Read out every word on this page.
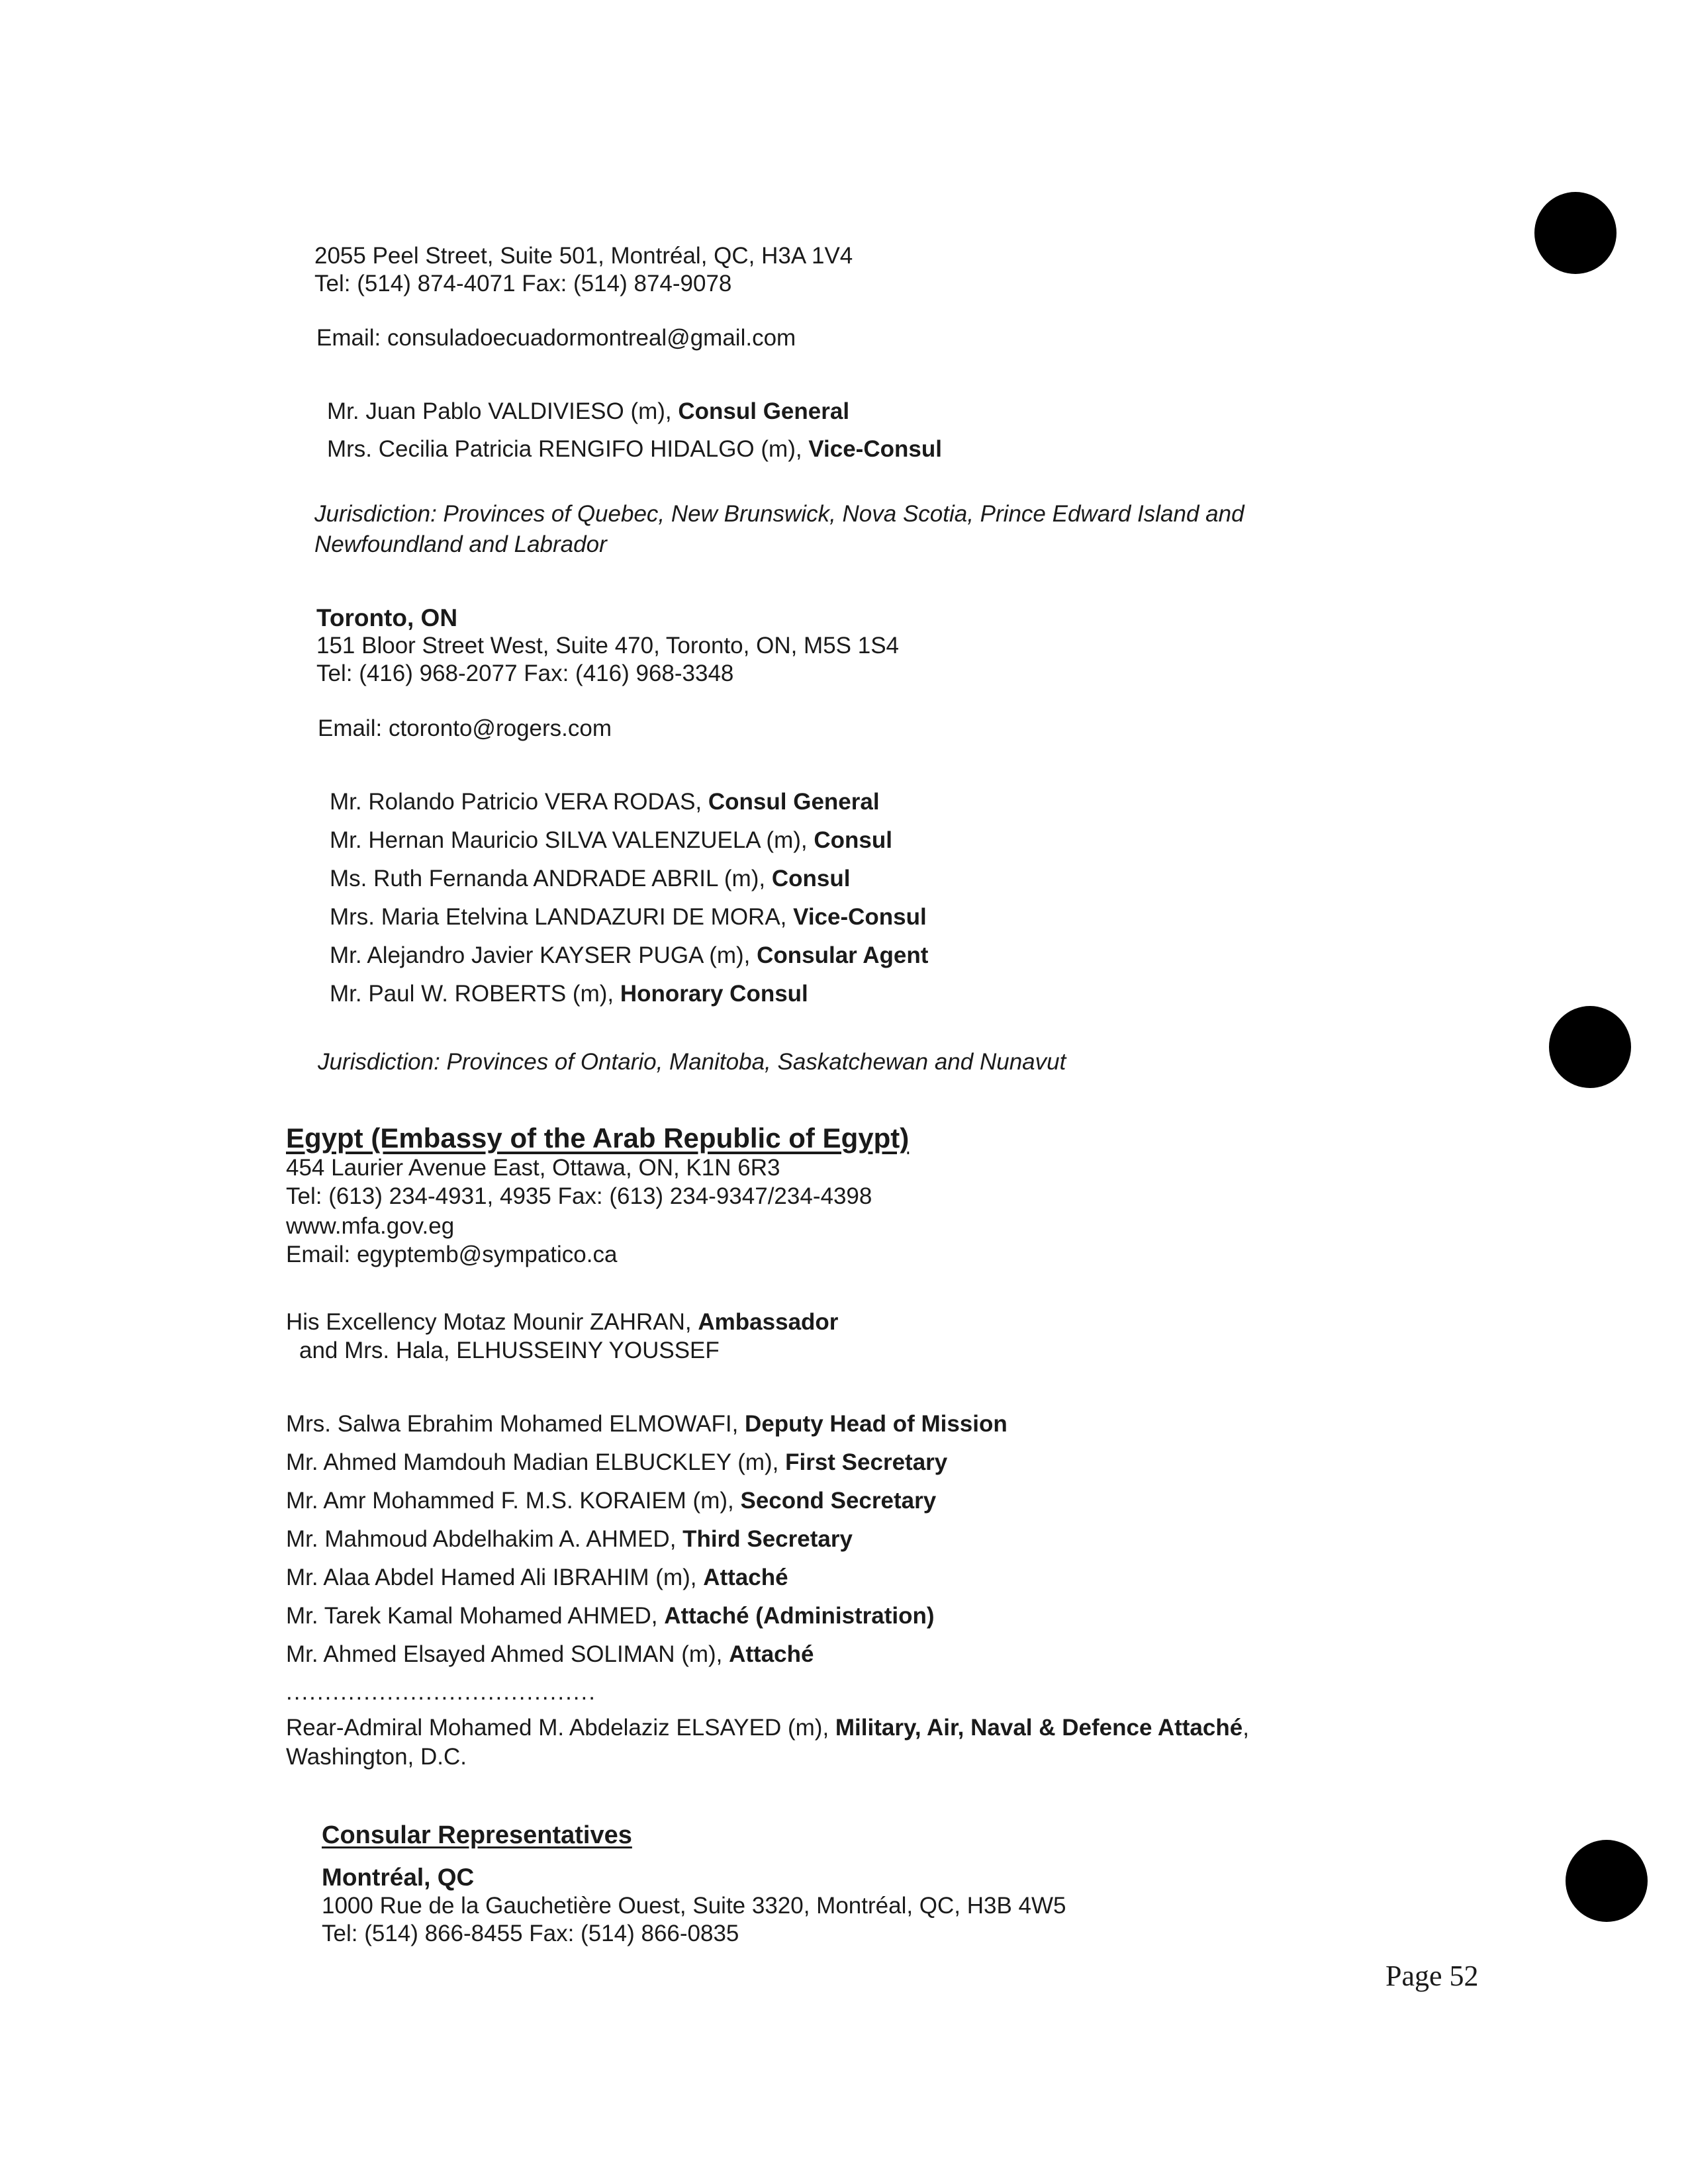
2055 Peel Street, Suite 501, Montréal, QC, H3A 1V4
Tel: (514) 874-4071 Fax: (514) 874-9078
Email: consuladoecuadormontreal@gmail.com
Mr. Juan Pablo VALDIVIESO (m), Consul General
Mrs. Cecilia Patricia RENGIFO HIDALGO (m), Vice-Consul
Jurisdiction: Provinces of Quebec, New Brunswick, Nova Scotia, Prince Edward Island and
Newfoundland and Labrador
Toronto, ON
151 Bloor Street West, Suite 470, Toronto, ON, M5S 1S4
Tel: (416) 968-2077 Fax: (416) 968-3348
Email: ctoronto@rogers.com
Mr. Rolando Patricio VERA RODAS, Consul General
Mr. Hernan Mauricio SILVA VALENZUELA (m), Consul
Ms. Ruth Fernanda ANDRADE ABRIL (m), Consul
Mrs. Maria Etelvina LANDAZURI DE MORA, Vice-Consul
Mr. Alejandro Javier KAYSER PUGA (m), Consular Agent
Mr. Paul W. ROBERTS (m), Honorary Consul
Jurisdiction: Provinces of Ontario, Manitoba, Saskatchewan and Nunavut
Egypt (Embassy of the Arab Republic of Egypt)
454 Laurier Avenue East, Ottawa, ON, K1N 6R3
Tel: (613) 234-4931, 4935 Fax: (613) 234-9347/234-4398
www.mfa.gov.eg
Email: egyptemb@sympatico.ca
His Excellency Motaz Mounir ZAHRAN, Ambassador
and Mrs. Hala, ELHUSSEINY YOUSSEF
Mrs. Salwa Ebrahim Mohamed ELMOWAFI, Deputy Head of Mission
Mr. Ahmed Mamdouh Madian ELBUCKLEY (m), First Secretary
Mr. Amr Mohammed F. M.S. KORAIEM (m), Second Secretary
Mr. Mahmoud Abdelhakim A. AHMED, Third Secretary
Mr. Alaa Abdel Hamed Ali IBRAHIM (m), Attaché
Mr. Tarek Kamal Mohamed AHMED, Attaché (Administration)
Mr. Ahmed Elsayed Ahmed SOLIMAN (m), Attaché
........................................
Rear-Admiral Mohamed M. Abdelaziz ELSAYED (m), Military, Air, Naval & Defence Attaché,
Washington, D.C.
Consular Representatives
Montréal, QC
1000 Rue de la Gauchetière Ouest, Suite 3320, Montréal, QC, H3B 4W5
Tel: (514) 866-8455 Fax: (514) 866-0835
Page 52
